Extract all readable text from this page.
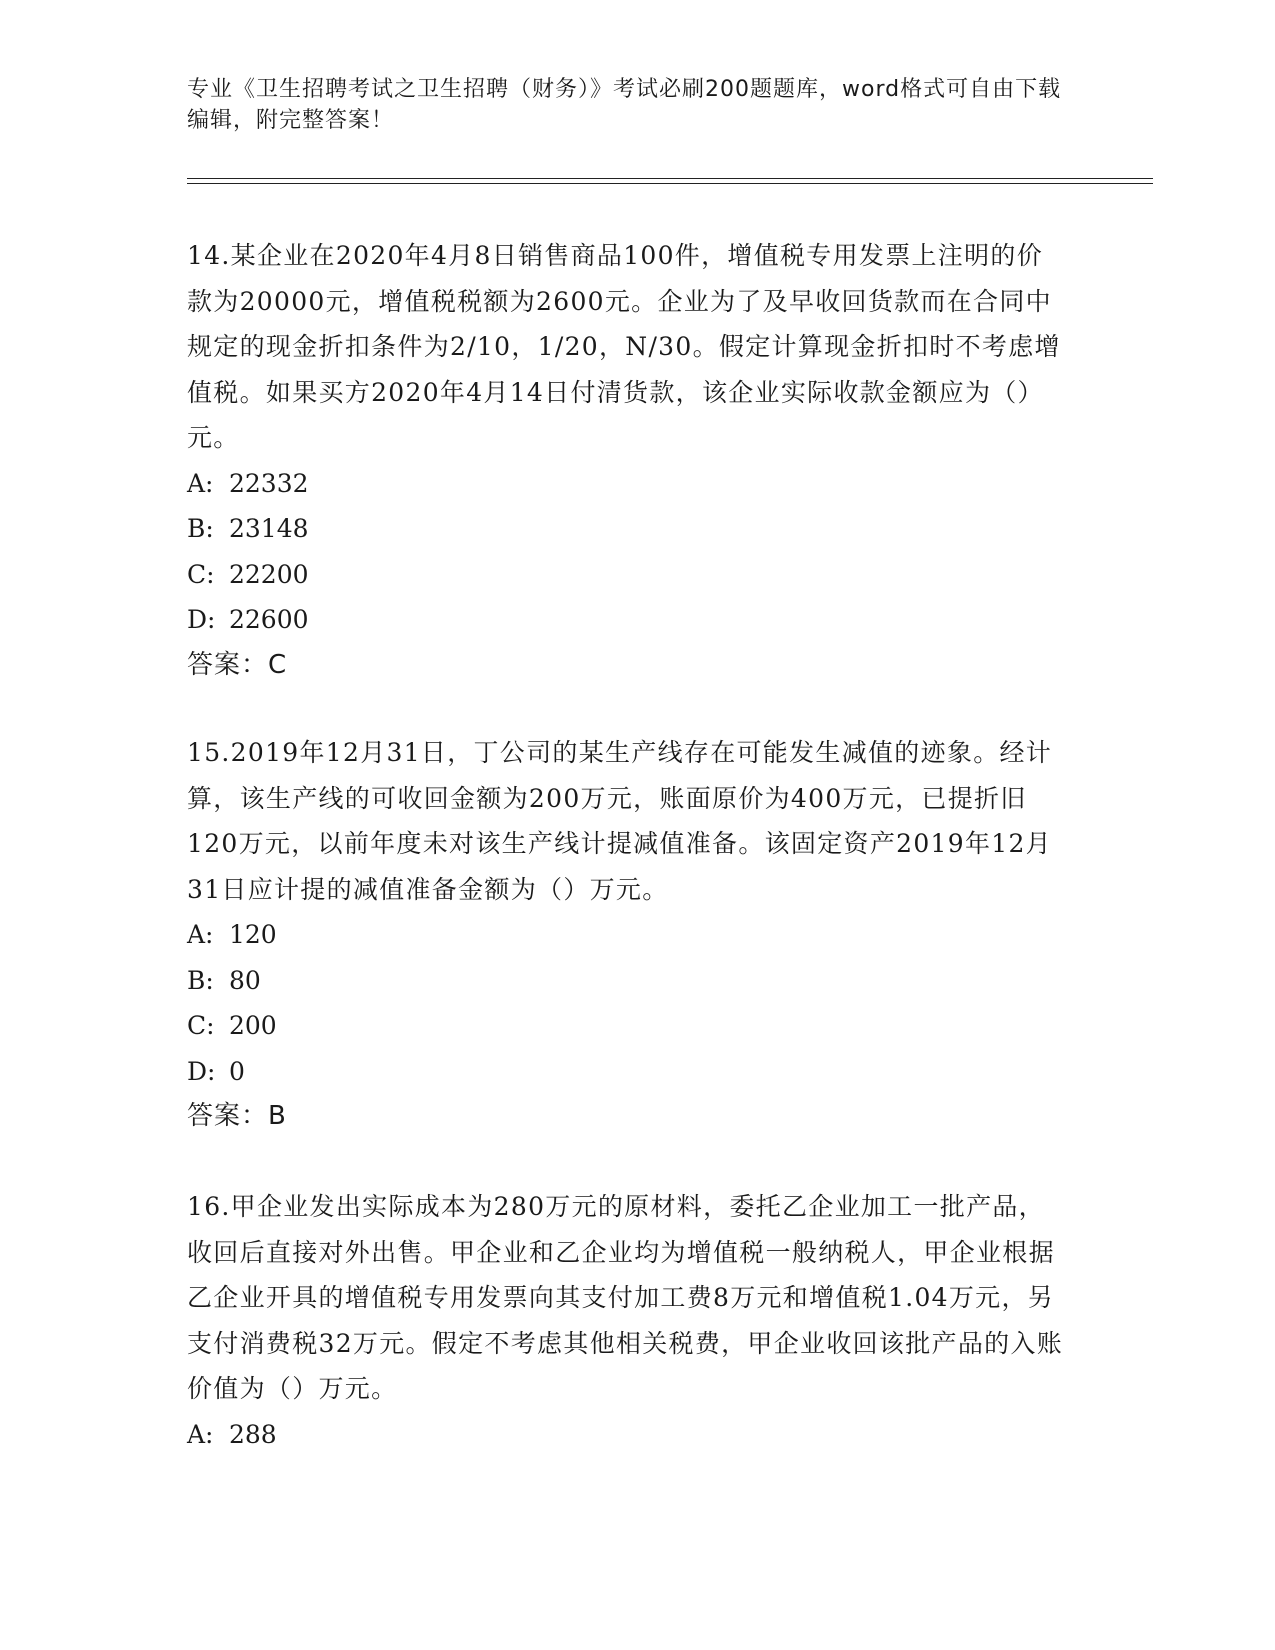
专业《卫生招聘考试之卫生招聘（财务）》考试必刷200题题库，word格式可自由下载编辑，附完整答案！

14.某企业在2020年4月8日销售商品100件，增值税专用发票上注明的价款为20000元，增值税税额为2600元。企业为了及早收回货款而在合同中规定的现金折扣条件为2/10，1/20，N/30。假定计算现金折扣时不考虑增值税。如果买方2020年4月14日付清货款，该企业实际收款金额应为（）元。

A: 22332

B: 23148

C: 22200

D: 22600

答案：C

15.2019年12月31日，丁公司的某生产线存在可能发生减值的迹象。经计算，该生产线的可收回金额为200万元，账面原价为400万元，已提折旧120万元，以前年度未对该生产线计提减值准备。该固定资产2019年12月31日应计提的减值准备金额为（）万元。

A: 120

B: 80

C: 200

D: 0

答案：B

16.甲企业发出实际成本为280万元的原材料，委托乙企业加工一批产品，收回后直接对外出售。甲企业和乙企业均为增值税一般纳税人，甲企业根据乙企业开具的增值税专用发票向其支付加工费8万元和增值税1.04万元，另支付消费税32万元。假定不考虑其他相关税费，甲企业收回该批产品的入账价值为（）万元。

A: 288
